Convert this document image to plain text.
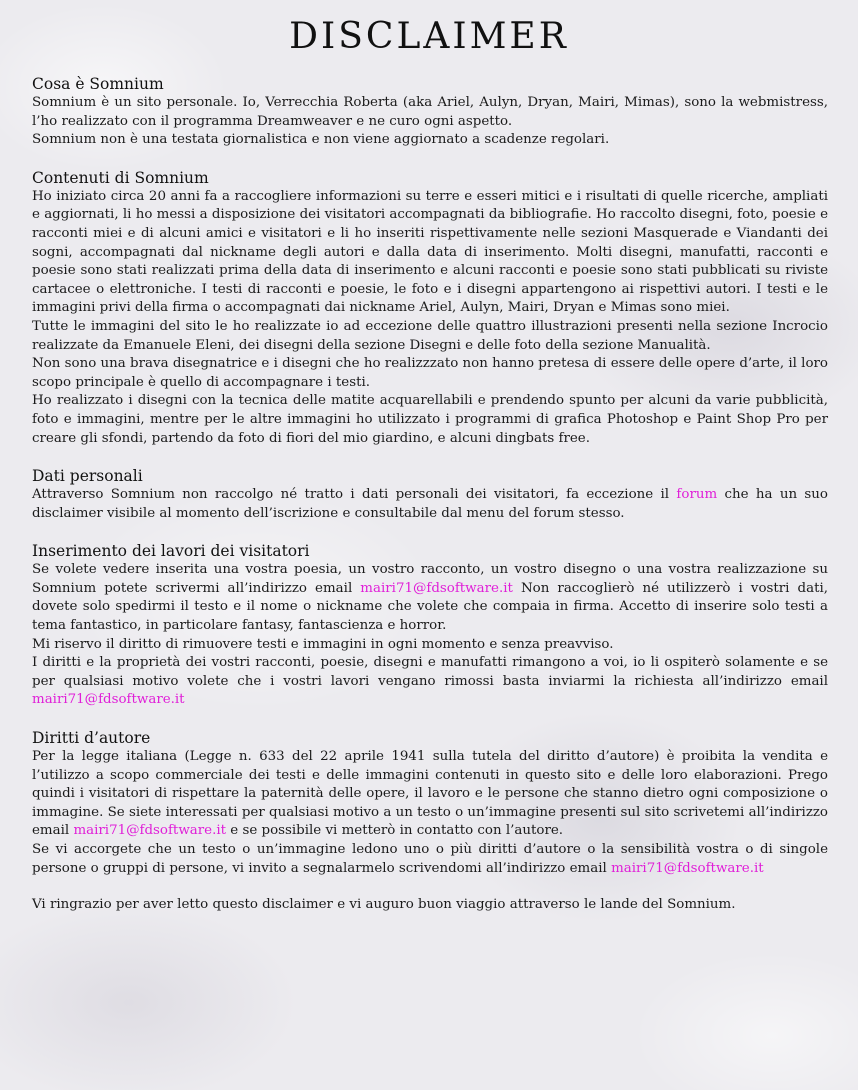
DISCLAIMER
Cosa è Somnium

Somnium è un sito personale. Io, Verrecchia Roberta (aka Ariel, Aulyn, Dryan, Mairi, Mimas), sono la webmistress, l’ho realizzato con il programma Dreamweaver e ne curo ogni aspetto.

Somnium non è una testata giornalistica e non viene aggiornato a scadenze regolari.

Contenuti di Somnium

Ho iniziato circa 20 anni fa a raccogliere informazioni su terre e esseri mitici e i risultati di quelle ricerche, ampliati e aggiornati, li ho messi a disposizione dei visitatori accompagnati da bibliografie. Ho raccolto disegni, foto, poesie e racconti miei e di alcuni amici e visitatori e li ho inseriti rispettivamente nelle sezioni Masquerade e Viandanti dei sogni, accompagnati dal nickname degli autori e dalla data di inserimento. Molti disegni, manufatti, racconti e poesie sono stati realizzati prima della data di inserimento e alcuni racconti e poesie sono stati pubblicati su riviste cartacee o elettroniche. I testi di racconti e poesie, le foto e i disegni appartengono ai rispettivi autori. I testi e le immagini privi della firma o accompagnati dai nickname Ariel, Aulyn, Mairi, Dryan e Mimas sono miei.

Tutte le immagini del sito le ho realizzate io ad eccezione delle quattro illustrazioni presenti nella sezione Incrocio realizzate da Emanuele Eleni, dei disegni della sezione Disegni e delle foto della sezione Manualità.

Non sono una brava disegnatrice e i disegni che ho realizzzato non hanno pretesa di essere delle opere d’arte, il loro scopo principale è quello di accompagnare i testi.

Ho realizzato i disegni con la tecnica delle matite acquarellabili e prendendo spunto per alcuni da varie pubblicità, foto e immagini, mentre per le altre immagini ho utilizzato i programmi di grafica Photoshop e Paint Shop Pro per creare gli sfondi, partendo da foto di fiori del mio giardino, e alcuni dingbats free.

Dati personali

Attraverso Somnium non raccolgo né tratto i dati personali dei visitatori, fa eccezione il forum che ha un suo disclaimer visibile al momento dell’iscrizione e consultabile dal menu del forum stesso.

Inserimento dei lavori dei visitatori

Se volete vedere inserita una vostra poesia, un vostro racconto, un vostro disegno o una vostra realizzazione su Somnium potete scrivermi all’indirizzo email mairi71@fdsoftware.it Non raccoglierò né utilizzerò i vostri dati, dovete solo spedirmi il testo e il nome o nickname che volete che compaia in firma. Accetto di inserire solo testi a tema fantastico, in particolare fantasy, fantascienza e horror.

Mi riservo il diritto di rimuovere testi e immagini in ogni momento e senza preavviso.

I diritti e la proprietà dei vostri racconti, poesie, disegni e manufatti rimangono a voi, io li ospiterò solamente e se per qualsiasi motivo volete che i vostri lavori vengano rimossi basta inviarmi la richiesta all’indirizzo email mairi71@fdsoftware.it

Diritti d’autore

Per la legge italiana (Legge n. 633 del 22 aprile 1941 sulla tutela del diritto d’autore) è proibita la vendita e l’utilizzo a scopo commerciale dei testi e delle immagini contenuti in questo sito e delle loro elaborazioni. Prego quindi i visitatori di rispettare la paternità delle opere, il lavoro e le persone che stanno dietro ogni composizione o immagine. Se siete interessati per qualsiasi motivo a un testo o un’immagine presenti sul sito scrivetemi all’indirizzo email mairi71@fdsoftware.it e se possibile vi metterò in contatto con l’autore.

Se vi accorgete che un testo o un’immagine ledono uno o più diritti d’autore o la sensibilità vostra o di singole persone o gruppi di persone, vi invito a segnalarmelo scrivendomi all’indirizzo email mairi71@fdsoftware.it

Vi ringrazio per aver letto questo disclaimer e vi auguro buon viaggio attraverso le lande del Somnium.
